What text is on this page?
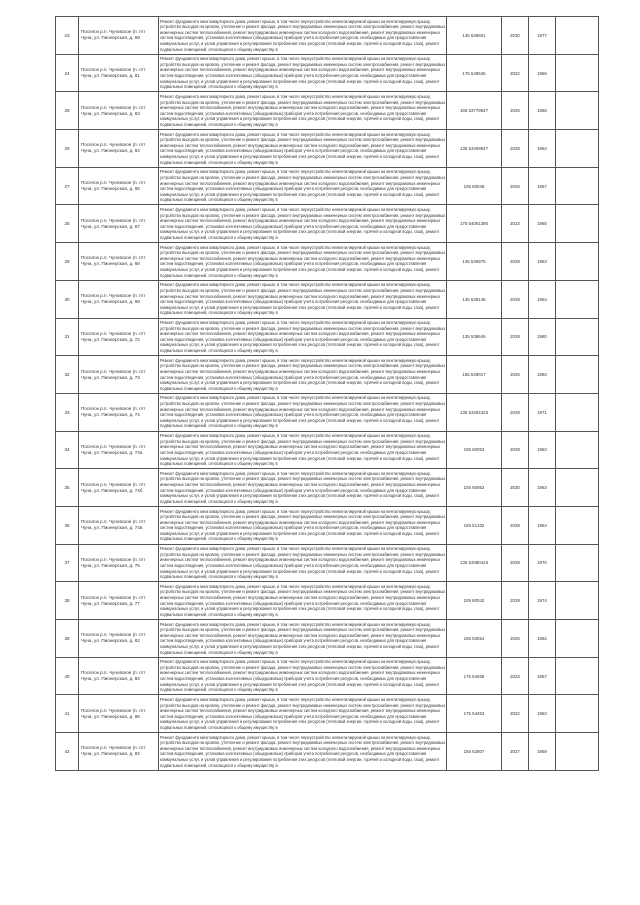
23	Поселок р.п. Чуновское (п. пгт Чуна, ул. Пионерская, д. 59	Ремонт фундамента многоквартирного дома, ремонт крыши, в том числе переустройство невентилируемой крыши на вентилируемую крышу, устройство выходов на кровлю, утепление и ремонт фасада, ремонт внутридомовых инженерных систем электроснабжения, ремонт внутридомовых инженерных систем теплоснабжения, ремонт внутридомовых инженерных систем холодного водоснабжения, ремонт внутридомовых инженерных систем водоотведения, установка коллективных (общедомовых) приборов учета потребления ресурсов, необходимых для предоставления коммунальных услуг, и узлов управления и регулирования потребления этих ресурсов (тепловой энергии, горячей и холодной воды, газа), ремонт подвальных помещений, относящихся к общему имуществу в	135 539601	2030	1977	
24	Поселок р.п. Чуновское (п. пгт Чуна, ул. Пионерская, д. 61	Ремонт фундамента многоквартирного дома, ремонт крыши, в том числе переустройство невентилируемой крыши на вентилируемую крышу, устройство выходов на кровлю, утепление и ремонт фасада, ремонт внутридомовых инженерных систем электроснабжения, ремонт внутридомовых инженерных систем теплоснабжения, ремонт внутридомовых инженерных систем холодного водоснабжения, ремонт внутридомовых инженерных систем водоотведения, установка коллективных (общедомовых) приборов учета потребления ресурсов, необходимых для предоставления коммунальных услуг, и узлов управления и регулирования потребления этих ресурсов (тепловой энергии, горячей и холодной воды, газа), ремонт подвальных помещений, относящихся к общему имуществу в	175 549646	2022	1966	
25	Поселок р.п. Чуновское (п. пгт Чуна, ул. Пионерская, д. 63	Ремонт фундамента многоквартирного дома, ремонт крыши, в том числе переустройство невентилируемой крыши на вентилируемую крышу, устройство выходов на кровлю, утепление и ремонт фасада, ремонт внутридомовых инженерных систем электроснабжения, ремонт внутридомовых инженерных систем теплоснабжения, ремонт внутридомовых инженерных систем холодного водоснабжения, ремонт внутридомовых инженерных систем водоотведения, установка коллективных (общедомовых) приборов учета потребления ресурсов, необходимых для предоставления коммунальных услуг, и узлов управления и регулирования потребления этих ресурсов (тепловой энергии, горячей и холодной воды, газа), ремонт подвальных помещений, относящихся к общему имуществу в	156 53779547	2025	1965	
26	Поселок р.п. Чуновское (п. пгт Чуна, ул. Пионерская, д. 64	Ремонт фундамента многоквартирного дома, ремонт крыши, в том числе переустройство невентилируемой крыши на вентилируемую крышу, устройство выходов на кровлю, утепление и ремонт фасада, ремонт внутридомовых инженерных систем электроснабжения, ремонт внутридомовых инженерных систем теплоснабжения, ремонт внутридомовых инженерных систем холодного водоснабжения, ремонт внутридомовых инженерных систем водоотведения, установка коллективных (общедомовых) приборов учета потребления ресурсов, необходимых для предоставления коммунальных услуг, и узлов управления и регулирования потребления этих ресурсов (тепловой энергии, горячей и холодной воды, газа), ремонт подвальных помещений, относящихся к общему имуществу в	135 53409547	2028	1964	
27	Поселок р.п. Чуновское (п. пгт Чуна, ул. Пионерская, д. 65	Ремонт фундамента многоквартирного дома, ремонт крыши, в том числе переустройство невентилируемой крыши на вентилируемую крышу, устройство выходов на кровлю, утепление и ремонт фасада, ремонт внутридомовых инженерных систем электроснабжения, ремонт внутридомовых инженерных систем теплоснабжения, ремонт внутридомовых инженерных систем холодного водоснабжения, ремонт внутридомовых инженерных систем водоотведения, установка коллективных (общедомовых) приборов учета потребления ресурсов, необходимых для предоставления коммунальных услуг, и узлов управления и регулирования потребления этих ресурсов (тепловой энергии, горячей и холодной воды, газа), ремонт подвальных помещений, относящихся к общему имуществу в	105 60049	2026	1967	
28	Поселок р.п. Чуновское (п. пгт Чуна, ул. Пионерская, д. 67	Ремонт фундамента многоквартирного дома, ремонт крыши, в том числе переустройство невентилируемой крыши на вентилируемую крышу, устройство выходов на кровлю, утепление и ремонт фасада, ремонт внутридомовых инженерных систем электроснабжения, ремонт внутридомовых инженерных систем теплоснабжения, ремонт внутридомовых инженерных систем холодного водоснабжения, ремонт внутридомовых инженерных систем водоотведения, установка коллективных (общедомовых) приборов учета потребления ресурсов, необходимых для предоставления коммунальных услуг, и узлов управления и регулирования потребления этих ресурсов (тепловой энергии, горячей и холодной воды, газа), ремонт подвальных помещений, относящихся к общему имуществу в	175 54061380	2023	1965	
29	Поселок р.п. Чуновское (п. пгт Чуна, ул. Пионерская, д. 68	Ремонт фундамента многоквартирного дома, ремонт крыши, в том числе переустройство невентилируемой крыши на вентилируемую крышу, устройство выходов на кровлю, утепление и ремонт фасада, ремонт внутридомовых инженерных систем электроснабжения, ремонт внутридомовых инженерных систем теплоснабжения, ремонт внутридомовых инженерных систем холодного водоснабжения, ремонт внутридомовых инженерных систем водоотведения, установка коллективных (общедомовых) приборов учета потребления ресурсов, необходимых для предоставления коммунальных услуг, и узлов управления и регулирования потребления этих ресурсов (тепловой энергии, горячей и холодной воды, газа), ремонт подвальных помещений, относящихся к общему имуществу в	135 536975	2029	1963	
30	Поселок р.п. Чуновское (п. пгт Чуна, ул. Пионерская, д. 69	Ремонт фундамента многоквартирного дома, ремонт крыши, в том числе переустройство невентилируемой крыши на вентилируемую крышу, устройство выходов на кровлю, утепление и ремонт фасада, ремонт внутридомовых инженерных систем электроснабжения, ремонт внутридомовых инженерных систем теплоснабжения, ремонт внутридомовых инженерных систем холодного водоснабжения, ремонт внутридомовых инженерных систем водоотведения, установка коллективных (общедомовых) приборов учета потребления ресурсов, необходимых для предоставления коммунальных услуг, и узлов управления и регулирования потребления этих ресурсов (тепловой энергии, горячей и холодной воды, газа), ремонт подвальных помещений, относящихся к общему имуществу в	135 538146	2029	1964	
31	Поселок р.п. Чуновское (п. пгт Чуна, ул. Пионерская, д. 72	Ремонт фундамента многоквартирного дома, ремонт крыши, в том числе переустройство невентилируемой крыши на вентилируемую крышу, устройство выходов на кровлю, утепление и ремонт фасада, ремонт внутридомовых инженерных систем электроснабжения, ремонт внутридомовых инженерных систем теплоснабжения, ремонт внутридомовых инженерных систем холодного водоснабжения, ремонт внутридомовых инженерных систем водоотведения, установка коллективных (общедомовых) приборов учета потребления ресурсов, необходимых для предоставления коммунальных услуг, и узлов управления и регулирования потребления этих ресурсов (тепловой энергии, горячей и холодной воды, газа), ремонт подвальных помещений, относящихся к общему имуществу в	135 538646	2028	1980	
32	Поселок р.п. Чуновское (п. пгт Чуна, ул. Пионерская, д. 73	Ремонт фундамента многоквартирного дома, ремонт крыши, в том числе переустройство невентилируемой крыши на вентилируемую крышу, устройство выходов на кровлю, утепление и ремонт фасада, ремонт внутридомовых инженерных систем электроснабжения, ремонт внутридомовых инженерных систем теплоснабжения, ремонт внутридомовых инженерных систем холодного водоснабжения, ремонт внутридомовых инженерных систем водоотведения, установка коллективных (общедомовых) приборов учета потребления ресурсов, необходимых для предоставления коммунальных услуг, и узлов управления и регулирования потребления этих ресурсов (тепловой энергии, горячей и холодной воды, газа), ремонт подвальных помещений, относящихся к общему имуществу в	155 549017	2025	1983	
33	Поселок р.п. Чуновское (п. пгт Чуна, ул. Пионерская, д. 74	Ремонт фундамента многоквартирного дома, ремонт крыши, в том числе переустройство невентилируемой крыши на вентилируемую крышу, устройство выходов на кровлю, утепление и ремонт фасада, ремонт внутридомовых инженерных систем электроснабжения, ремонт внутридомовых инженерных систем теплоснабжения, ремонт внутридомовых инженерных систем холодного водоснабжения, ремонт внутридомовых инженерных систем водоотведения, установка коллективных (общедомовых) приборов учета потребления ресурсов, необходимых для предоставления коммунальных услуг, и узлов управления и регулирования потребления этих ресурсов (тепловой энергии, горячей и холодной воды, газа), ремонт подвальных помещений, относящихся к общему имуществу в	135 53284423	2029	1971	
34	Поселок р.п. Чуновское (п. пгт Чуна, ул. Пионерская, д. 74а	Ремонт фундамента многоквартирного дома, ремонт крыши, в том числе переустройство невентилируемой крыши на вентилируемую крышу, устройство выходов на кровлю, утепление и ремонт фасада, ремонт внутридомовых инженерных систем электроснабжения, ремонт внутридомовых инженерных систем теплоснабжения, ремонт внутридомовых инженерных систем холодного водоснабжения, ремонт внутридомовых инженерных систем водоотведения, установка коллективных (общедомовых) приборов учета потребления ресурсов, необходимых для предоставления коммунальных услуг, и узлов управления и регулирования потребления этих ресурсов (тепловой энергии, горячей и холодной воды, газа), ремонт подвальных помещений, относящихся к общему имуществу в	105 60053	2029	1963	
35	Поселок р.п. Чуновское (п. пгт Чуна, ул. Пионерская, д. 74б	Ремонт фундамента многоквартирного дома, ремонт крыши, в том числе переустройство невентилируемой крыши на вентилируемую крышу, устройство выходов на кровлю, утепление и ремонт фасада, ремонт внутридомовых инженерных систем электроснабжения, ремонт внутридомовых инженерных систем теплоснабжения, ремонт внутридомовых инженерных систем холодного водоснабжения, ремонт внутридомовых инженерных систем водоотведения, установка коллективных (общедомовых) приборов учета потребления ресурсов, необходимых для предоставления коммунальных услуг, и узлов управления и регулирования потребления этих ресурсов (тепловой энергии, горячей и холодной воды, газа), ремонт подвальных помещений, относящихся к общему имуществу в	105 60053	2030	1963	
36	Поселок р.п. Чуновское (п. пгт Чуна, ул. Пионерская, д. 74в	Ремонт фундамента многоквартирного дома, ремонт крыши, в том числе переустройство невентилируемой крыши на вентилируемую крышу, устройство выходов на кровлю, утепление и ремонт фасада, ремонт внутридомовых инженерных систем электроснабжения, ремонт внутридомовых инженерных систем теплоснабжения, ремонт внутридомовых инженерных систем холодного водоснабжения, ремонт внутридомовых инженерных систем водоотведения, установка коллективных (общедомовых) приборов учета потребления ресурсов, необходимых для предоставления коммунальных услуг, и узлов управления и регулирования потребления этих ресурсов (тепловой энергии, горячей и холодной воды, газа), ремонт подвальных помещений, относящихся к общему имуществу в	155 51332	2028	1964	
37	Поселок р.п. Чуновское (п. пгт Чуна, ул. Пионерская, д. 75	Ремонт фундамента многоквартирного дома, ремонт крыши, в том числе переустройство невентилируемой крыши на вентилируемую крышу, устройство выходов на кровлю, утепление и ремонт фасада, ремонт внутридомовых инженерных систем электроснабжения, ремонт внутридомовых инженерных систем теплоснабжения, ремонт внутридомовых инженерных систем холодного водоснабжения, ремонт внутридомовых инженерных систем водоотведения, установка коллективных (общедомовых) приборов учета потребления ресурсов, необходимых для предоставления коммунальных услуг, и узлов управления и регулирования потребления этих ресурсов (тепловой энергии, горячей и холодной воды, газа), ремонт подвальных помещений, относящихся к общему имуществу в	135 53380423	2029	1970	
38	Поселок р.п. Чуновское (п. пгт Чуна, ул. Пионерская, д. 77	Ремонт фундамента многоквартирного дома, ремонт крыши, в том числе переустройство невентилируемой крыши на вентилируемую крышу, устройство выходов на кровлю, утепление и ремонт фасада, ремонт внутридомовых инженерных систем электроснабжения, ремонт внутридомовых инженерных систем теплоснабжения, ремонт внутридомовых инженерных систем холодного водоснабжения, ремонт внутридомовых инженерных систем водоотведения, установка коллективных (общедомовых) приборов учета потребления ресурсов, необходимых для предоставления коммунальных услуг, и узлов управления и регулирования потребления этих ресурсов (тепловой энергии, горячей и холодной воды, газа), ремонт подвальных помещений, относящихся к общему имуществу в	105 80042	2029	1974	
39	Поселок р.п. Чуновское (п. пгт Чуна, ул. Пионерская, д. 82	Ремонт фундамента многоквартирного дома, ремонт крыши, в том числе переустройство невентилируемой крыши на вентилируемую крышу, устройство выходов на кровлю, утепление и ремонт фасада, ремонт внутридомовых инженерных систем электроснабжения, ремонт внутридомовых инженерных систем теплоснабжения, ремонт внутридомовых инженерных систем холодного водоснабжения, ремонт внутридомовых инженерных систем водоотведения, установка коллективных (общедомовых) приборов учета потребления ресурсов, необходимых для предоставления коммунальных услуг, и узлов управления и регулирования потребления этих ресурсов (тепловой энергии, горячей и холодной воды, газа), ремонт подвальных помещений, относящихся к общему имуществу в	155 53054	2026	1962	
40	Поселок р.п. Чуновское (п. пгт Чуна, ул. Пионерская, д. 84	Ремонт фундамента многоквартирного дома, ремонт крыши, в том числе переустройство невентилируемой крыши на вентилируемую крышу, устройство выходов на кровлю, утепление и ремонт фасада, ремонт внутридомовых инженерных систем электроснабжения, ремонт внутридомовых инженерных систем теплоснабжения, ремонт внутридомовых инженерных систем холодного водоснабжения, ремонт внутридомовых инженерных систем водоотведения, установка коллективных (общедомовых) приборов учета потребления ресурсов, необходимых для предоставления коммунальных услуг, и узлов управления и регулирования потребления этих ресурсов (тепловой энергии, горячей и холодной воды, газа), ремонт подвальных помещений, относящихся к общему имуществу в	175 54658	2023	1957	
41	Поселок р.п. Чуновское (п. пгт Чуна, ул. Пионерская, д. 86	Ремонт фундамента многоквартирного дома, ремонт крыши, в том числе переустройство невентилируемой крыши на вентилируемую крышу, устройство выходов на кровлю, утепление и ремонт фасада, ремонт внутридомовых инженерных систем электроснабжения, ремонт внутридомовых инженерных систем теплоснабжения, ремонт внутридомовых инженерных систем холодного водоснабжения, ремонт внутридомовых инженерных систем водоотведения, установка коллективных (общедомовых) приборов учета потребления ресурсов, необходимых для предоставления коммунальных услуг, и узлов управления и регулирования потребления этих ресурсов (тепловой энергии, горячей и холодной воды, газа), ремонт подвальных помещений, относящихся к общему имуществу в	175 54453	2022	1963	
42	Поселок р.п. Чуновское (п. пгт Чуна, ул. Пионерская, д. 92	Ремонт фундамента многоквартирного дома, ремонт крыши, в том числе переустройство невентилируемой крыши на вентилируемую крышу, устройство выходов на кровлю, утепление и ремонт фасада, ремонт внутридомовых инженерных систем электроснабжения, ремонт внутридомовых инженерных систем теплоснабжения, ремонт внутридомовых инженерных систем холодного водоснабжения, ремонт внутридомовых инженерных систем водоотведения, установка коллективных (общедомовых) приборов учета потребления ресурсов, необходимых для предоставления коммунальных услуг, и узлов управления и регулирования потребления этих ресурсов (тепловой энергии, горячей и холодной воды, газа), ремонт подвальных помещений, относящихся к общему имуществу в	155 52807	2027	1959	
